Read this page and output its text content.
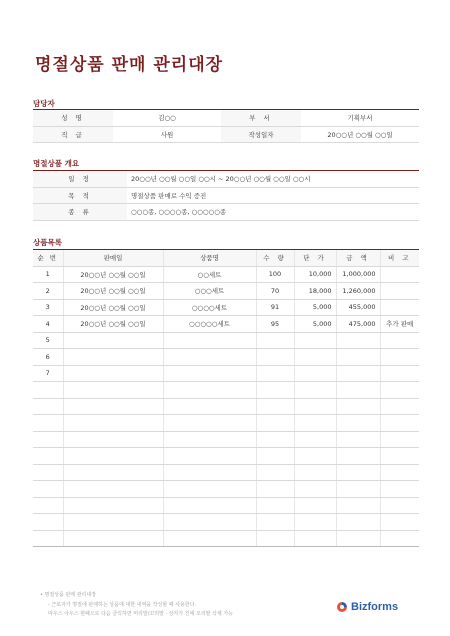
명절상품 판매 관리대장
담당자
성 명	김○○	부 서	기획부서
직 급	사원	작성일자	20○○년 ○○월 ○○일
명절상품 개요
일 정	20○○년 ○○월 ○○일 ○○시 ~ 20○○년 ○○월 ○○일 ○○시
목 적	명절상품 판매로 수익 증진
종 류	○○○종, ○○○○종, ○○○○○종
상품목록
순 번	판매일	상품명	수 량	단 가	금 액	비 고
1	20○○년 ○○월 ○○일	○○세트	100	10,000	1,000,000	
2	20○○년 ○○월 ○○일	○○○세트	70	18,000	1,260,000	
3	20○○년 ○○월 ○○일	○○○○세트	91	5,000	455,000	
4	20○○년 ○○월 ○○일	○○○○○세트	95	5,000	475,000	추가 판매
5						
6						
7						

• 명절상품 판매 관리대장
- 근로자가 명절에 판매하는 상품에 대한 내역을 작성할 때 사용한다.
마우스 아우스 현폐으로 다음 클릭하면 머리말/꼬리말 · 상자가 진에 꼬리말 삭제 가능
Bizforms
